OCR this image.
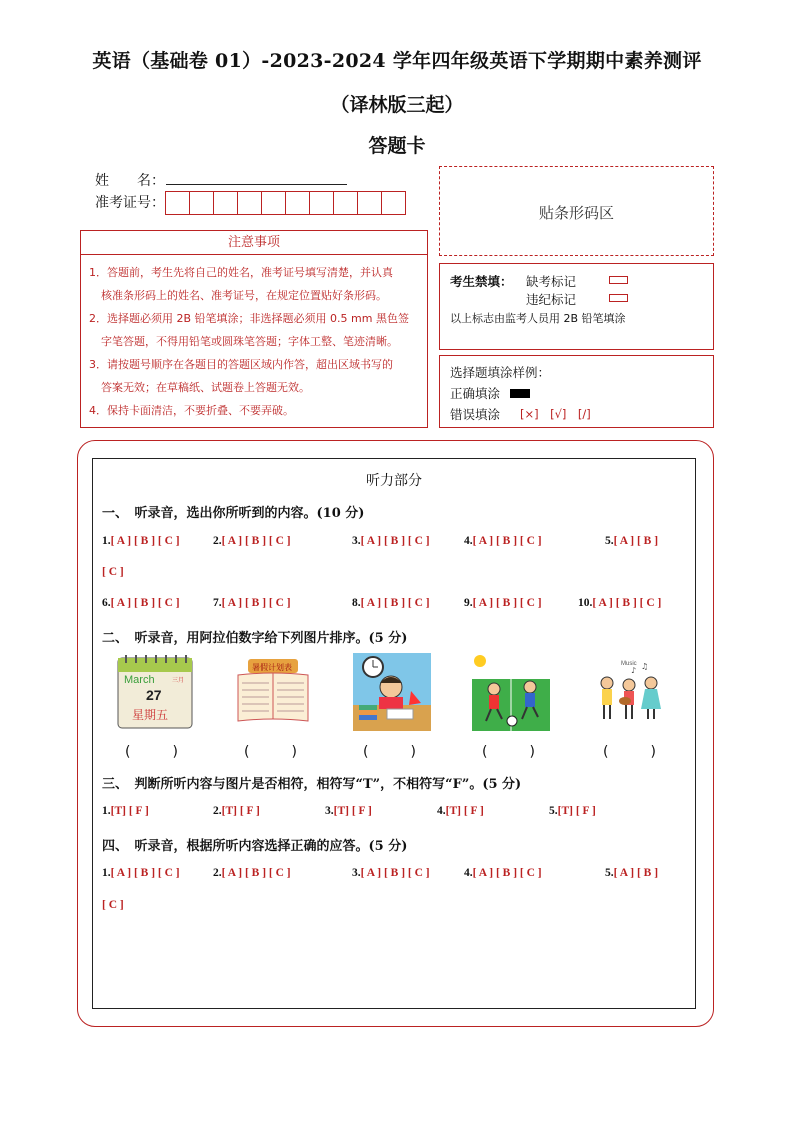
英语（基础卷 01）-2023-2024 学年四年级英语下学期期中素养测评
（译林版三起）
答题卡
姓　　名：
准考证号：
注意事项
1．答题前，考生先将自己的姓名，准考证号填写清楚，并认真
核准条形码上的姓名、准考证号，在规定位置贴好条形码。
2．选择题必须用 2B 铅笔填涂；非选择题必须用 0.5 mm 黑色签
字笔答题，不得用铅笔或圆珠笔答题；字体工整、笔迹清晰。
3．请按题号顺序在各题目的答题区域内作答，超出区域书写的
答案无效；在草稿纸、试题卷上答题无效。
4．保持卡面清洁，不要折叠、不要弄破。
贴条形码区
考生禁填： 缺考标记
违纪标记
以上标志由监考人员用 2B 铅笔填涂
选择题填涂样例：
正确填涂
错误填涂 [×]　[√]　[/]
听力部分
一、　听录音，选出你所听到的内容。(10 分)
1.[ A ] [ B ] [ C ]	2.[ A ] [ B ] [ C ]	3.[ A ] [ B ] [ C ]	4.[ A ] [ B ] [ C ]	5.[ A ] [ B ]
[ C ]
6.[ A ] [ B ] [ C ]	7.[ A ] [ B ] [ C ]	8.[ A ] [ B ] [ C ]	9.[ A ] [ B ] [ C ]	10.[ A ] [ B ] [ C ]
二、　听录音，用阿拉伯数字给下列图片排序。(5 分)
March	三月
27
星期五
暑假计划表	Music
♪ ♫
(　　　)	(　　　)	(　　　)	(　　　)	(　　　)
三、　判断所听内容与图片是否相符，相符写“T”，不相符写“F”。(5 分)
1.[T] [ F ]	2.[T] [ F ]	3.[T] [ F ]	4.[T] [ F ]	5.[T] [ F ]
四、　听录音，根据所听内容选择正确的应答。(5 分)
1.[ A ] [ B ] [ C ]	2.[ A ] [ B ] [ C ]	3.[ A ] [ B ] [ C ]	4.[ A ] [ B ] [ C ]	5.[ A ] [ B ]
[ C ]
